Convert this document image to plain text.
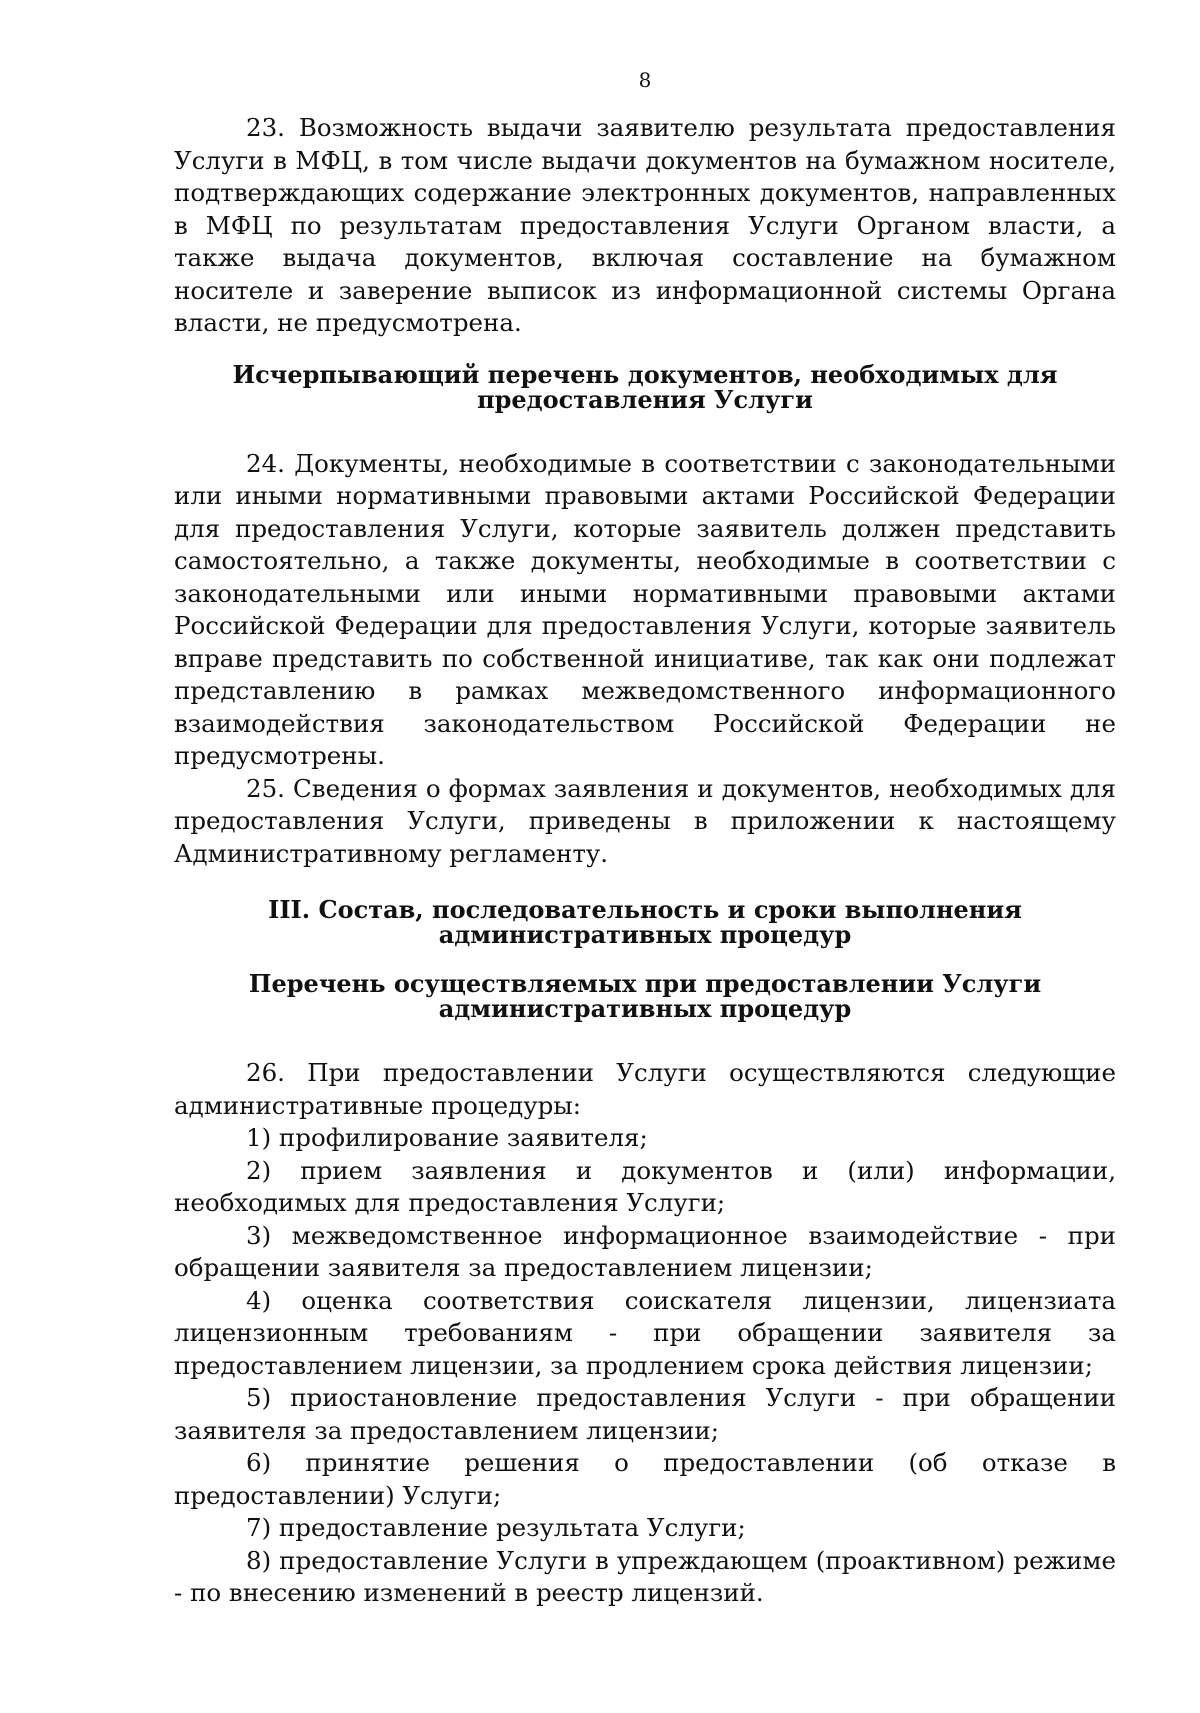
8

23. Возможность выдачи заявителю результата предоставления Услуги в МФЦ, в том числе выдачи документов на бумажном носителе, подтверждающих содержание электронных документов, направленных в МФЦ по результатам предоставления Услуги Органом власти, а также выдача документов, включая составление на бумажном носителе и заверение выписок из информационной системы Органа власти, не предусмотрена.

Исчерпывающий перечень документов, необходимых для предоставления Услуги

24. Документы, необходимые в соответствии с законодательными или иными нормативными правовыми актами Российской Федерации для предоставления Услуги, которые заявитель должен представить самостоятельно, а также документы, необходимые в соответствии с законодательными или иными нормативными правовыми актами Российской Федерации для предоставления Услуги, которые заявитель вправе представить по собственной инициативе, так как они подлежат представлению в рамках межведомственного информационного взаимодействия законодательством Российской Федерации не предусмотрены.

25. Сведения о формах заявления и документов, необходимых для предоставления Услуги, приведены в приложении к настоящему Административному регламенту.

III. Состав, последовательность и сроки выполнения административных процедур

Перечень осуществляемых при предоставлении Услуги административных процедур

26. При предоставлении Услуги осуществляются следующие административные процедуры:

1) профилирование заявителя;

2) прием заявления и документов и (или) информации, необходимых для предоставления Услуги;

3) межведомственное информационное взаимодействие - при обращении заявителя за предоставлением лицензии;

4) оценка соответствия соискателя лицензии, лицензиата лицензионным требованиям - при обращении заявителя за предоставлением лицензии, за продлением срока действия лицензии;

5) приостановление предоставления Услуги - при обращении заявителя за предоставлением лицензии;

6) принятие решения о предоставлении (об отказе в предоставлении) Услуги;

7) предоставление результата Услуги;

8) предоставление Услуги в упреждающем (проактивном) режиме - по внесению изменений в реестр лицензий.
